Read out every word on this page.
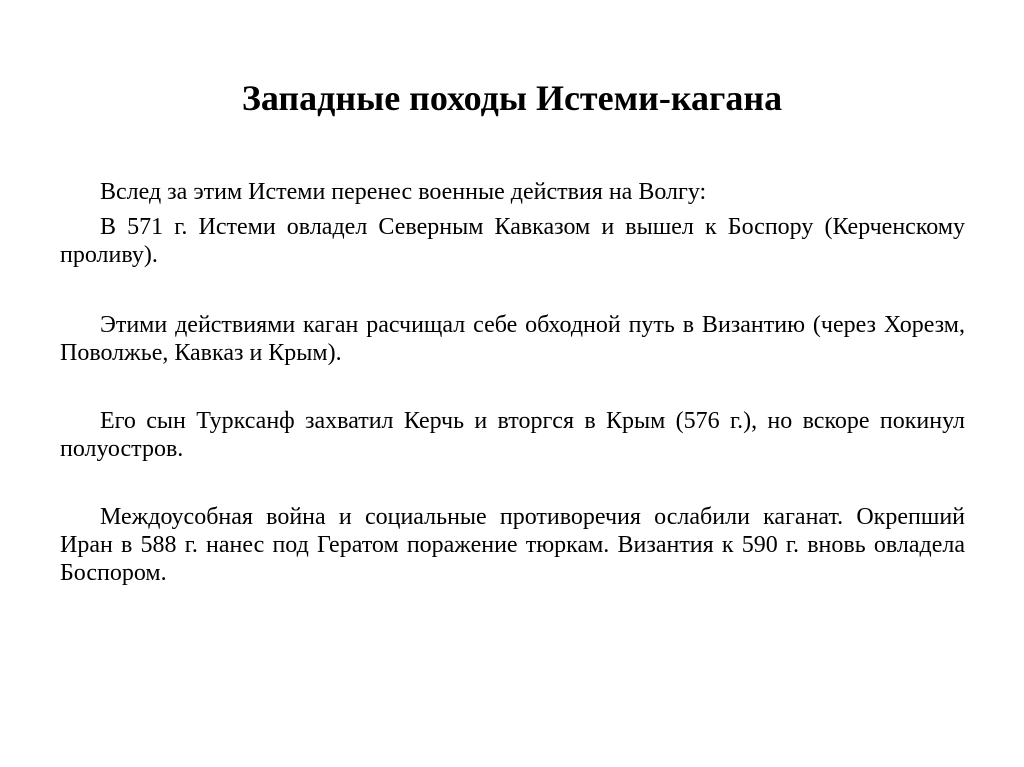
Западные походы Истеми-кагана

Вслед за этим Истеми перенес военные действия на Волгу:

В 571 г. Истеми овладел Северным Кавказом и вышел к Боспору (Керченскому проливу).

Этими действиями каган расчищал себе обходной путь в Византию (через Хорезм, Поволжье, Кавказ и Крым).

Его сын Турксанф захватил Керчь и вторгся в Крым (576 г.), но вскоре покинул полуостров.

Междоусобная война и социальные противоречия ослабили каганат. Окрепший Иран в 588 г. нанес под Гератом поражение тюркам. Византия к 590 г. вновь овладела Боспором.
